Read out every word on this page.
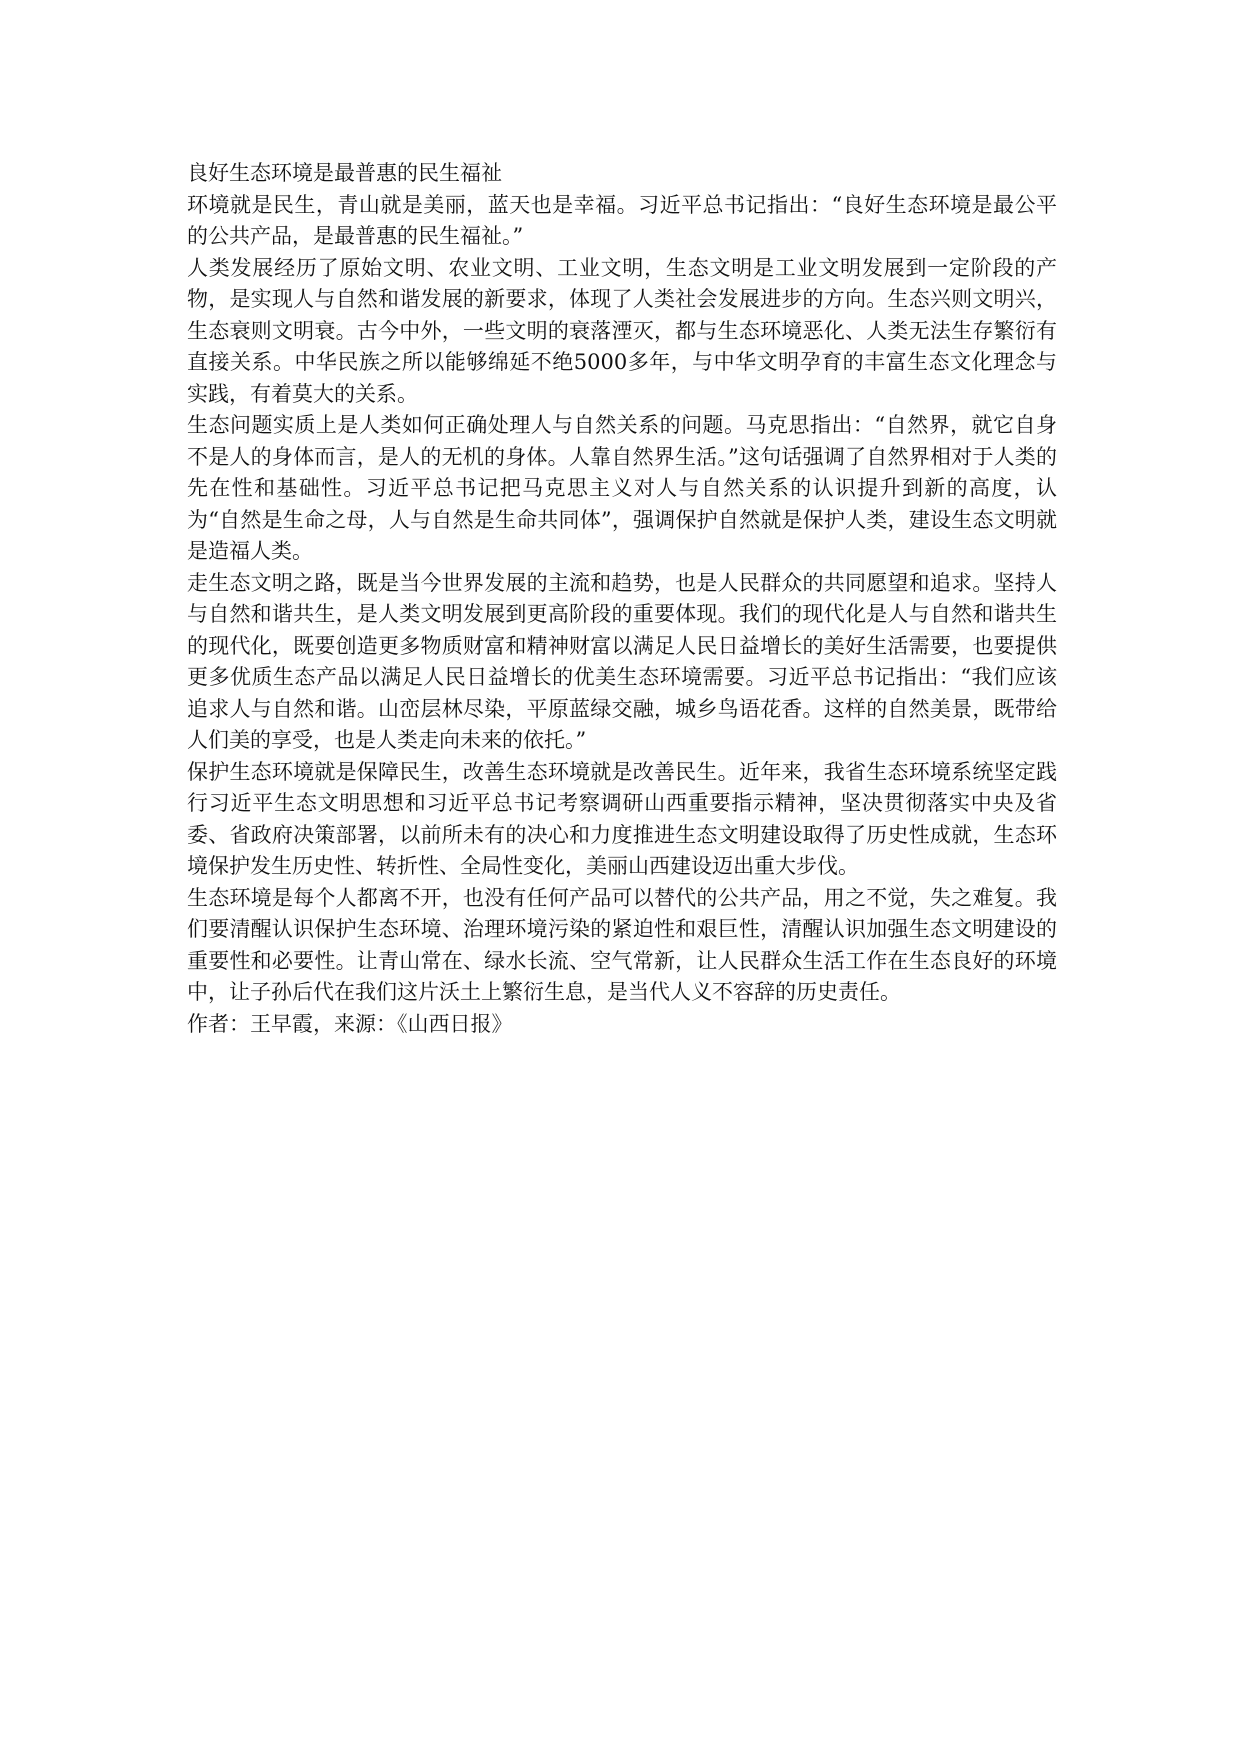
良好生态环境是最普惠的民生福祉

环境就是民生，青山就是美丽，蓝天也是幸福。习近平总书记指出：“良好生态环境是最公平的公共产品，是最普惠的民生福祉。”

人类发展经历了原始文明、农业文明、工业文明，生态文明是工业文明发展到一定阶段的产物，是实现人与自然和谐发展的新要求，体现了人类社会发展进步的方向。生态兴则文明兴，生态衰则文明衰。古今中外，一些文明的衰落湮灭，都与生态环境恶化、人类无法生存繁衍有直接关系。中华民族之所以能够绵延不绝5000多年，与中华文明孕育的丰富生态文化理念与实践，有着莫大的关系。

生态问题实质上是人类如何正确处理人与自然关系的问题。马克思指出：“自然界，就它自身不是人的身体而言，是人的无机的身体。人靠自然界生活。”这句话强调了自然界相对于人类的先在性和基础性。习近平总书记把马克思主义对人与自然关系的认识提升到新的高度，认为“自然是生命之母，人与自然是生命共同体”，强调保护自然就是保护人类，建设生态文明就是造福人类。

走生态文明之路，既是当今世界发展的主流和趋势，也是人民群众的共同愿望和追求。坚持人与自然和谐共生，是人类文明发展到更高阶段的重要体现。我们的现代化是人与自然和谐共生的现代化，既要创造更多物质财富和精神财富以满足人民日益增长的美好生活需要，也要提供更多优质生态产品以满足人民日益增长的优美生态环境需要。习近平总书记指出：“我们应该追求人与自然和谐。山峦层林尽染，平原蓝绿交融，城乡鸟语花香。这样的自然美景，既带给人们美的享受，也是人类走向未来的依托。”

保护生态环境就是保障民生，改善生态环境就是改善民生。近年来，我省生态环境系统坚定践行习近平生态文明思想和习近平总书记考察调研山西重要指示精神，坚决贯彻落实中央及省委、省政府决策部署，以前所未有的决心和力度推进生态文明建设取得了历史性成就，生态环境保护发生历史性、转折性、全局性变化，美丽山西建设迈出重大步伐。

生态环境是每个人都离不开，也没有任何产品可以替代的公共产品，用之不觉，失之难复。我们要清醒认识保护生态环境、治理环境污染的紧迫性和艰巨性，清醒认识加强生态文明建设的重要性和必要性。让青山常在、绿水长流、空气常新，让人民群众生活工作在生态良好的环境中，让子孙后代在我们这片沃土上繁衍生息，是当代人义不容辞的历史责任。

作者：王早霞，来源：《山西日报》
